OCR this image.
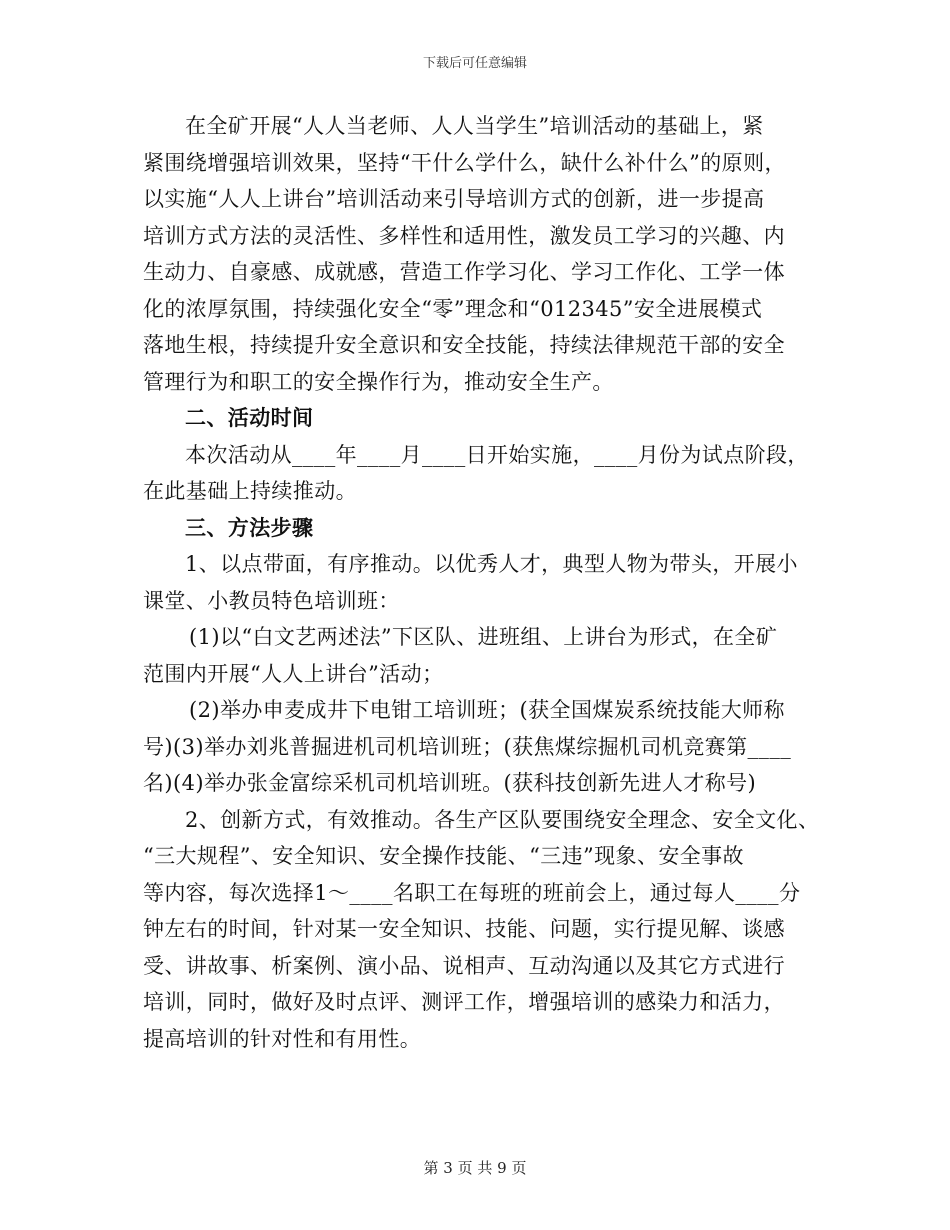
下载后可任意编辑
在全矿开展“人人当老师、人人当学生”培训活动的基础上，紧
紧围绕增强培训效果，坚持“干什么学什么，缺什么补什么”的原则，
以实施“人人上讲台”培训活动来引导培训方式的创新，进一步提高
培训方式方法的灵活性、多样性和适用性，激发员工学习的兴趣、内
生动力、自豪感、成就感，营造工作学习化、学习工作化、工学一体
化的浓厚氛围，持续强化安全“零”理念和“012345”安全进展模式
落地生根，持续提升安全意识和安全技能，持续法律规范干部的安全
管理行为和职工的安全操作行为，推动安全生产。
二、活动时间
本次活动从____年____月____日开始实施，____月份为试点阶段，
在此基础上持续推动。
三、方法步骤
1、以点带面，有序推动。以优秀人才，典型人物为带头，开展小
课堂、小教员特色培训班：
(1)以“白文艺两述法”下区队、进班组、上讲台为形式，在全矿
范围内开展“人人上讲台”活动；
(2)举办申麦成井下电钳工培训班；(获全国煤炭系统技能大师称
号)(3)举办刘兆普掘进机司机培训班；(获焦煤综掘机司机竞赛第____
名)(4)举办张金富综采机司机培训班。(获科技创新先进人才称号)
2、创新方式，有效推动。各生产区队要围绕安全理念、安全文化、
“三大规程”、安全知识、安全操作技能、“三违”现象、安全事故
等内容，每次选择1～____名职工在每班的班前会上，通过每人____分
钟左右的时间，针对某一安全知识、技能、问题，实行提见解、谈感
受、讲故事、析案例、演小品、说相声、互动沟通以及其它方式进行
培训，同时，做好及时点评、测评工作，增强培训的感染力和活力，
提高培训的针对性和有用性。
第 3 页 共 9 页
